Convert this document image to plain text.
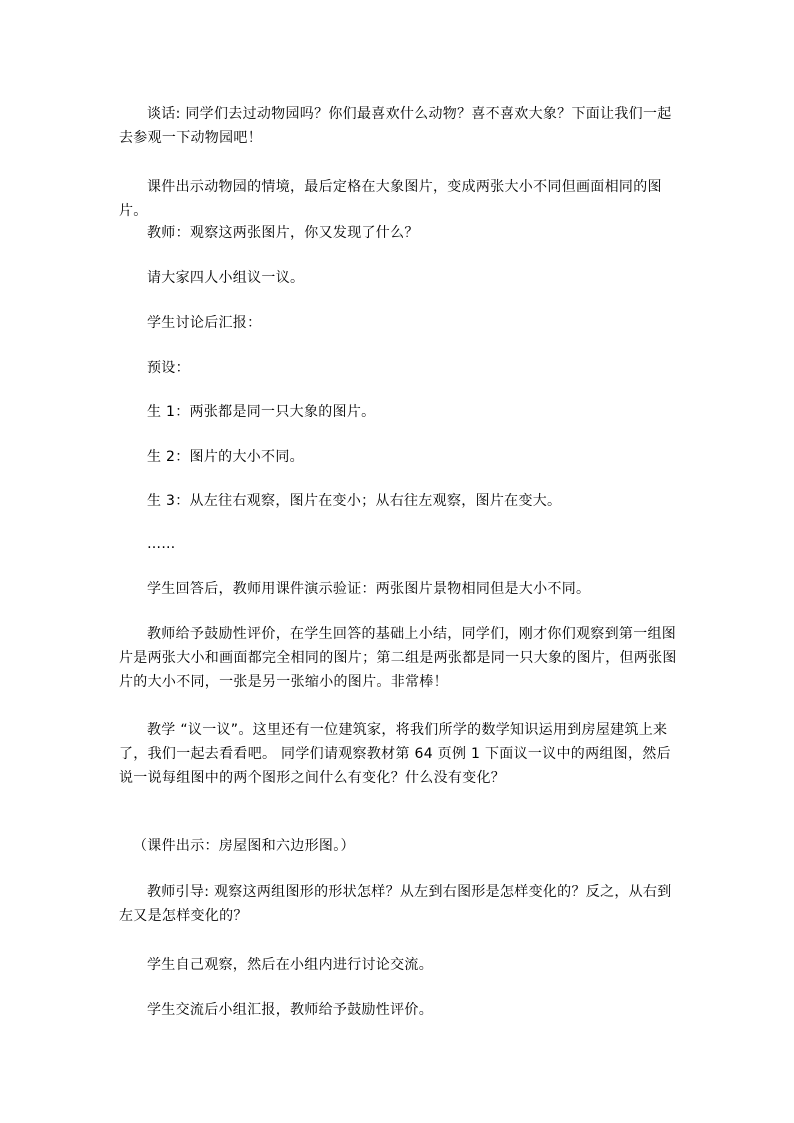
谈话: 同学们去过动物园吗？你们最喜欢什么动物？喜不喜欢大象？下面让我们一起去参观一下动物园吧！

课件出示动物园的情境，最后定格在大象图片，变成两张大小不同但画面相同的图片。

教师：观察这两张图片，你又发现了什么？

请大家四人小组议一议。

学生讨论后汇报：

预设：

生 1：两张都是同一只大象的图片。

生 2：图片的大小不同。

生 3：从左往右观察，图片在变小；从右往左观察，图片在变大。

……

学生回答后，教师用课件演示验证：两张图片景物相同但是大小不同。

教师给予鼓励性评价，在学生回答的基础上小结，同学们，刚才你们观察到第一组图片是两张大小和画面都完全相同的图片；第二组是两张都是同一只大象的图片，但两张图片的大小不同，一张是另一张缩小的图片。非常棒！

教学 “议一议”。这里还有一位建筑家，将我们所学的数学知识运用到房屋建筑上来了，我们一起去看看吧。 同学们请观察教材第 64 页例 1 下面议一议中的两组图，然后说一说每组图中的两个图形之间什么有变化？什么没有变化？

（课件出示：房屋图和六边形图。）

教师引导: 观察这两组图形的形状怎样？从左到右图形是怎样变化的？反之，从右到左又是怎样变化的？

学生自己观察，然后在小组内进行讨论交流。

学生交流后小组汇报，教师给予鼓励性评价。
